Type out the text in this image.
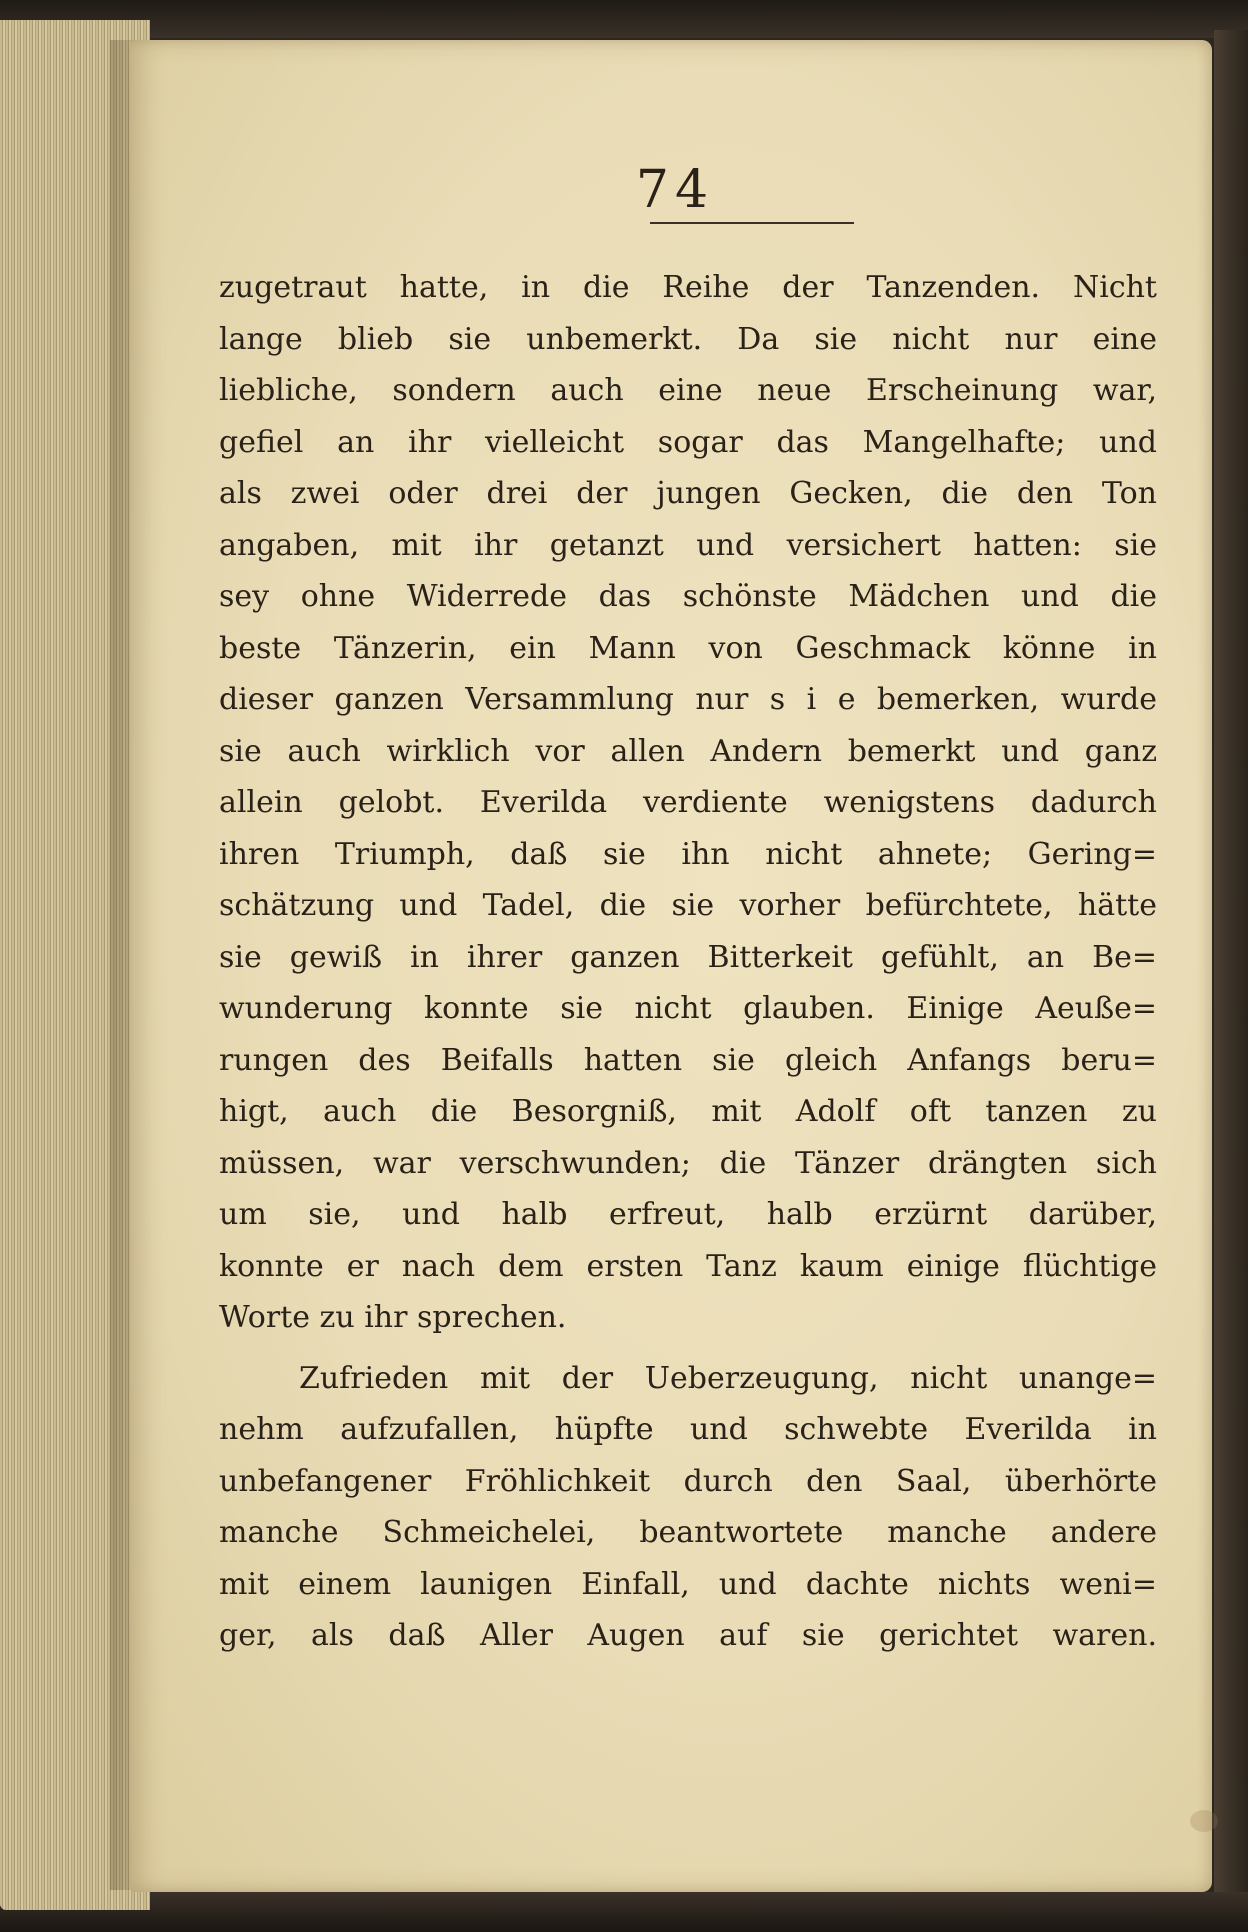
74
zugetraut hatte, in die Reihe der Tanzenden. Nicht
lange blieb sie unbemerkt. Da sie nicht nur eine
liebliche, sondern auch eine neue Erscheinung war,
gefiel an ihr vielleicht sogar das Mangelhafte; und
als zwei oder drei der jungen Gecken, die den Ton
angaben, mit ihr getanzt und versichert hatten: sie
sey ohne Widerrede das schönste Mädchen und die
beste Tänzerin, ein Mann von Geschmack könne in
dieser ganzen Versammlung nur s i e bemerken, wurde
sie auch wirklich vor allen Andern bemerkt und ganz
allein gelobt. Everilda verdiente wenigstens dadurch
ihren Triumph, daß sie ihn nicht ahnete; Gering=
schätzung und Tadel, die sie vorher befürchtete, hätte
sie gewiß in ihrer ganzen Bitterkeit gefühlt, an Be=
wunderung konnte sie nicht glauben. Einige Aeuße=
rungen des Beifalls hatten sie gleich Anfangs beru=
higt, auch die Besorgniß, mit Adolf oft tanzen zu
müssen, war verschwunden; die Tänzer drängten sich
um sie, und halb erfreut, halb erzürnt darüber,
konnte er nach dem ersten Tanz kaum einige flüchtige
Worte zu ihr sprechen.
Zufrieden mit der Ueberzeugung, nicht unange=
nehm aufzufallen, hüpfte und schwebte Everilda in
unbefangener Fröhlichkeit durch den Saal, überhörte
manche Schmeichelei, beantwortete manche andere
mit einem launigen Einfall, und dachte nichts weni=
ger, als daß Aller Augen auf sie gerichtet waren.
